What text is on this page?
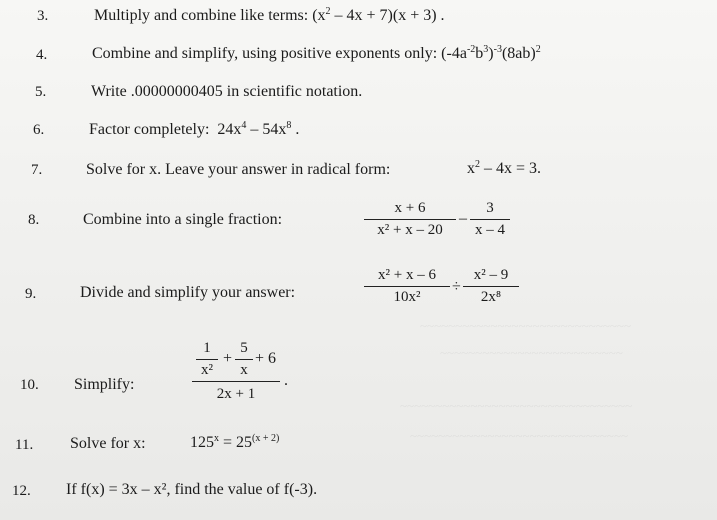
~~~~~~~~~~~~~~~~~~~~~~~~~~~~~~
~~~~~~~~~~~~~~~~~~~~~~~~~~
~~~~~~~~~~~~~~~~~~~~~~~~~~~~~~~~~
~~~~~~~~~~~~~~~~~~~~~~~~~~~~~~~
3.	Multiply and combine like terms: $(x^2 - 4x + 7)(x + 3)$ .
4.	Combine and simplify, using positive exponents only: $(-4a^{-2}b^3)^{-3}(8ab)^2$
5.	Write .00000000405 in scientific notation.
6.	Factor completely: $24x^4 - 54x^8$ .
7.	Solve for x. Leave your answer in radical form:	$x^2 - 4x = 3$.
8.	Combine into a single fraction:
x + 6
x² + x – 20
–
3
x – 4
9.	Divide and simplify your answer:
x² + x – 6
10x²
÷
x² – 9
2x⁸
10. Simplify:
1
x²
+
5
x
+ 6
2x + 1
.
11. Solve for x:	$125^x = 25^{(x + 2)}$
12. If f(x) = 3x – x², find the value of f(-3).
